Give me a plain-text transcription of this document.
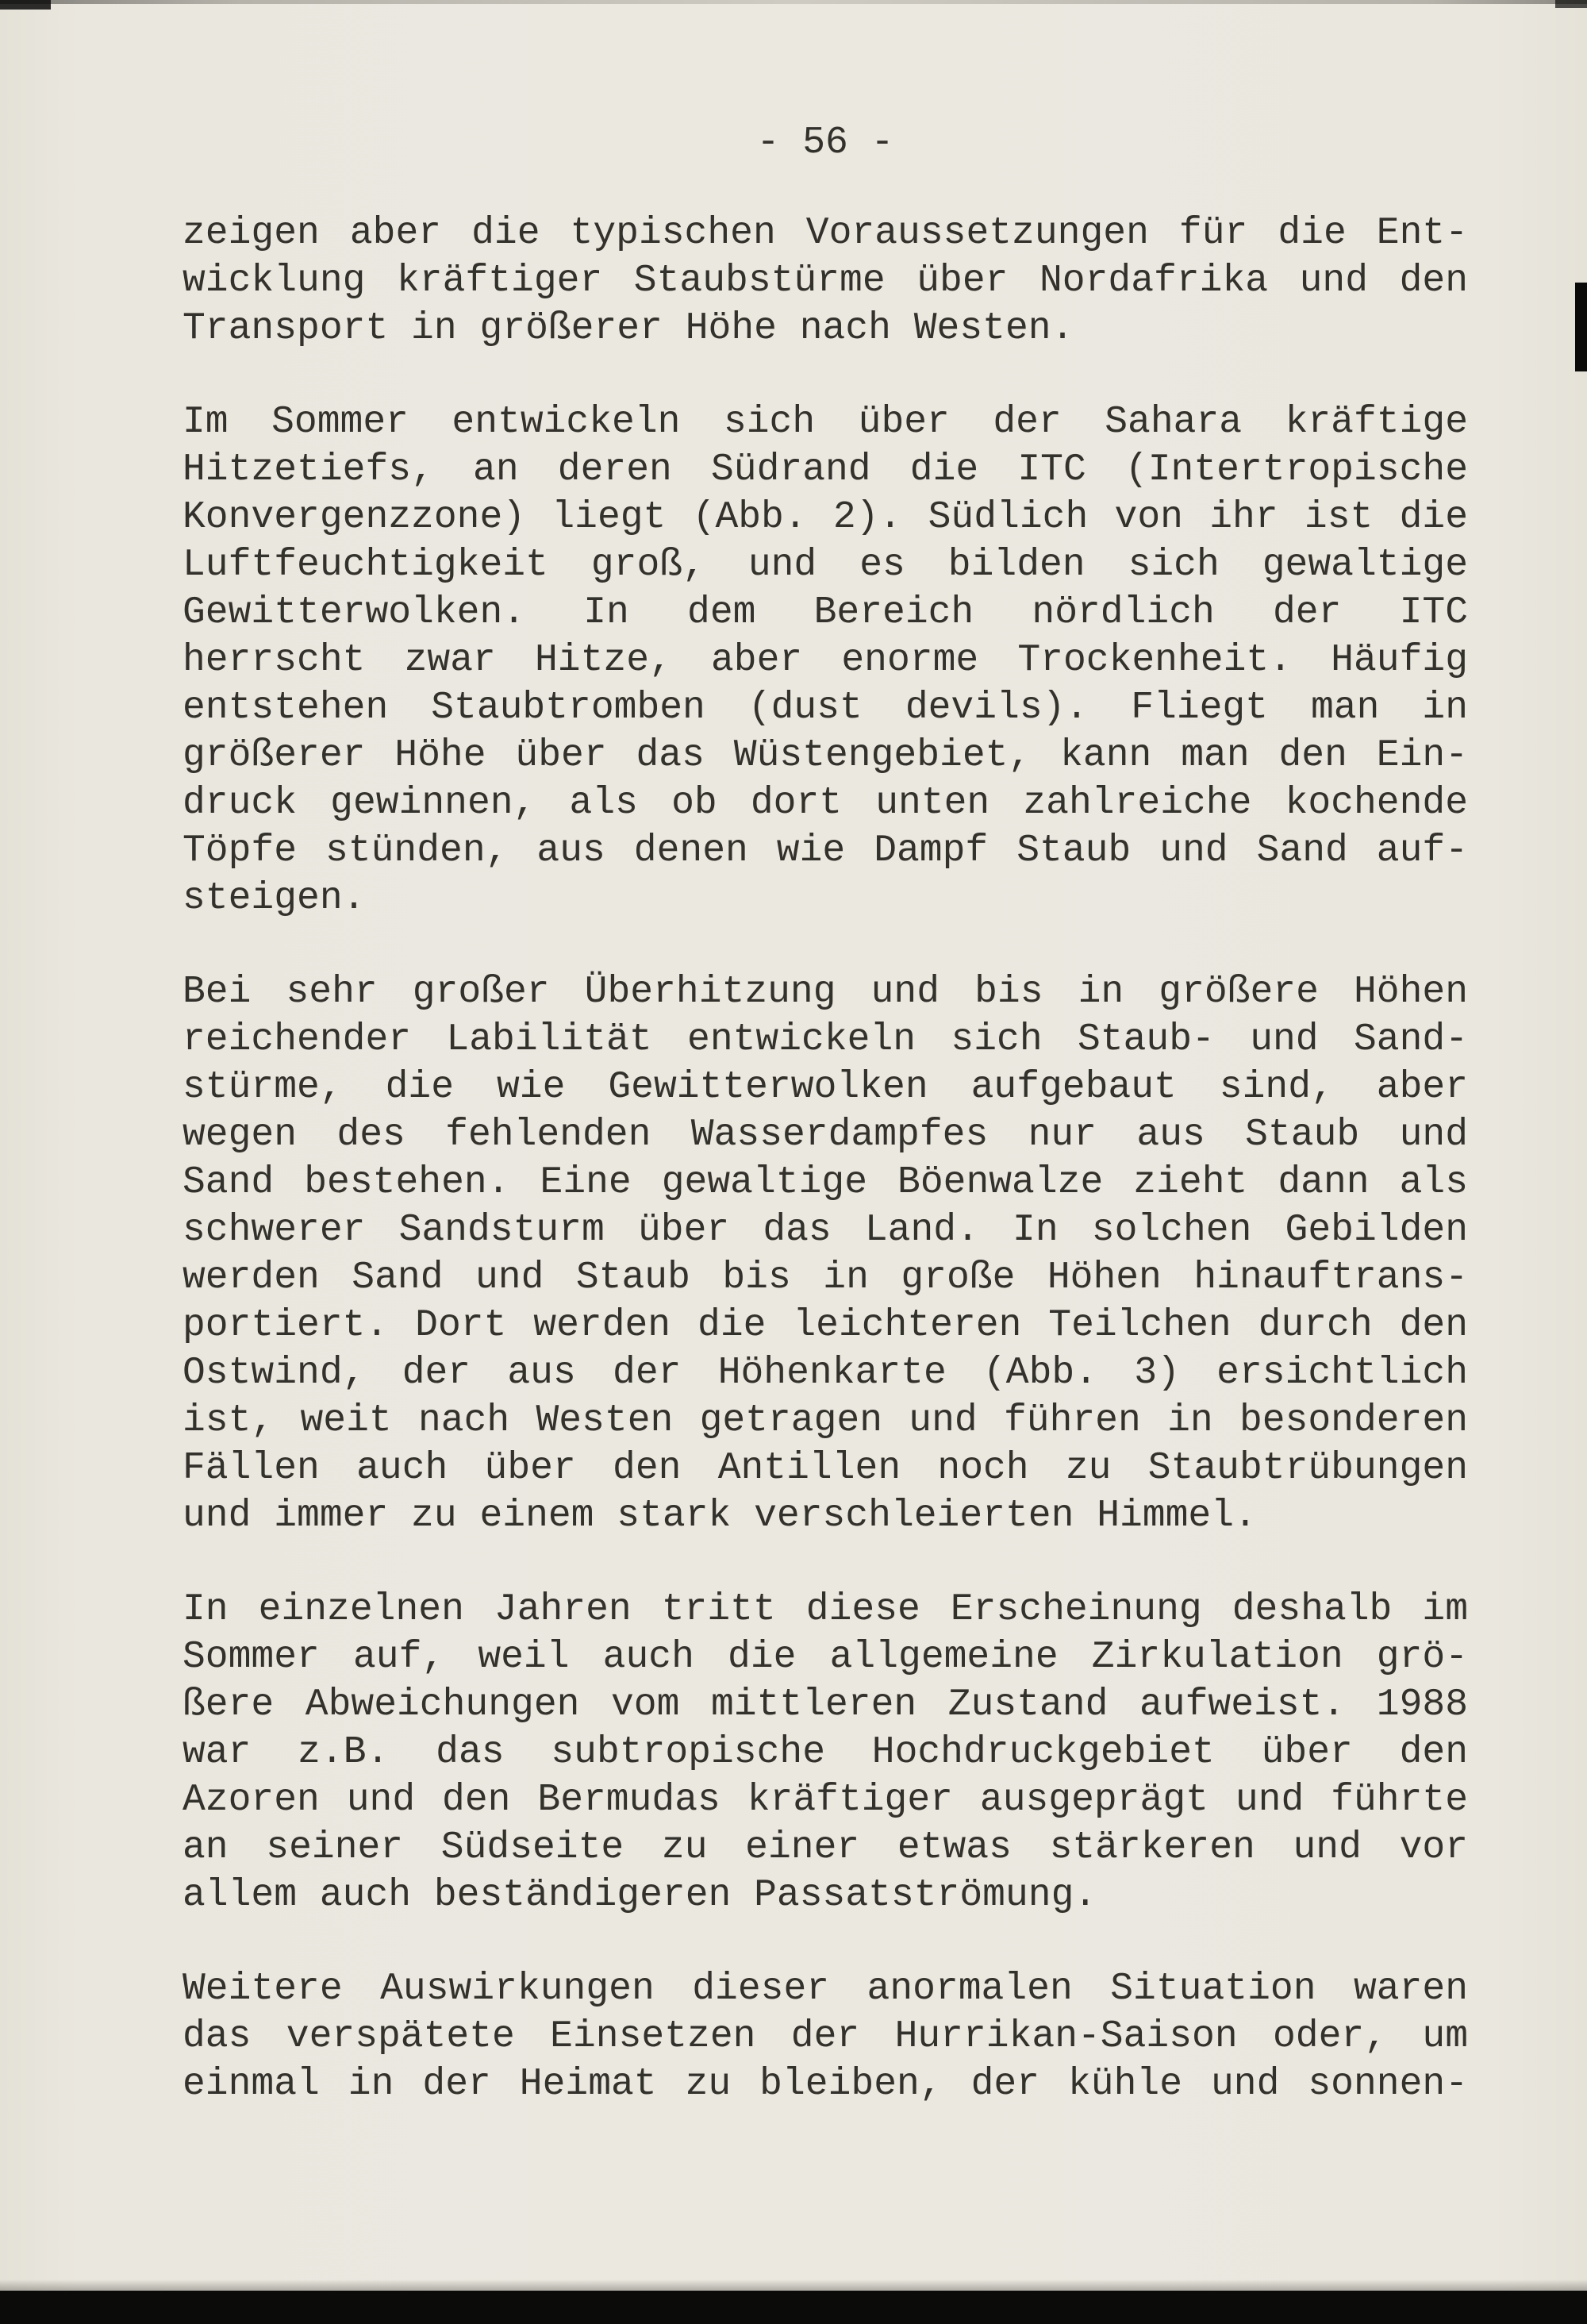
- 56 -
zeigen aber die typischen Voraussetzungen für die Ent-
wicklung kräftiger Staubstürme über Nordafrika und den
Transport in größerer Höhe nach Westen.
Im Sommer entwickeln sich über der Sahara kräftige
Hitzetiefs, an deren Südrand die ITC (Intertropische
Konvergenzzone) liegt (Abb. 2). Südlich von ihr ist die
Luftfeuchtigkeit groß, und es bilden sich gewaltige
Gewitterwolken. In dem Bereich nördlich der ITC
herrscht zwar Hitze, aber enorme Trockenheit. Häufig
entstehen Staubtromben (dust devils). Fliegt man in
größerer Höhe über das Wüstengebiet, kann man den Ein-
druck gewinnen, als ob dort unten zahlreiche kochende
Töpfe stünden, aus denen wie Dampf Staub und Sand auf-
steigen.
Bei sehr großer Überhitzung und bis in größere Höhen
reichender Labilität entwickeln sich Staub- und Sand-
stürme, die wie Gewitterwolken aufgebaut sind, aber
wegen des fehlenden Wasserdampfes nur aus Staub und
Sand bestehen. Eine gewaltige Böenwalze zieht dann als
schwerer Sandsturm über das Land. In solchen Gebilden
werden Sand und Staub bis in große Höhen hinauftrans-
portiert. Dort werden die leichteren Teilchen durch den
Ostwind, der aus der Höhenkarte (Abb. 3) ersichtlich
ist, weit nach Westen getragen und führen in besonderen
Fällen auch über den Antillen noch zu Staubtrübungen
und immer zu einem stark verschleierten Himmel.
In einzelnen Jahren tritt diese Erscheinung deshalb im
Sommer auf, weil auch die allgemeine Zirkulation grö-
ßere Abweichungen vom mittleren Zustand aufweist. 1988
war z.B. das subtropische Hochdruckgebiet über den
Azoren und den Bermudas kräftiger ausgeprägt und führte
an seiner Südseite zu einer etwas stärkeren und vor
allem auch beständigeren Passatströmung.
Weitere Auswirkungen dieser anormalen Situation waren
das verspätete Einsetzen der Hurrikan-Saison oder, um
einmal in der Heimat zu bleiben, der kühle und sonnen-
